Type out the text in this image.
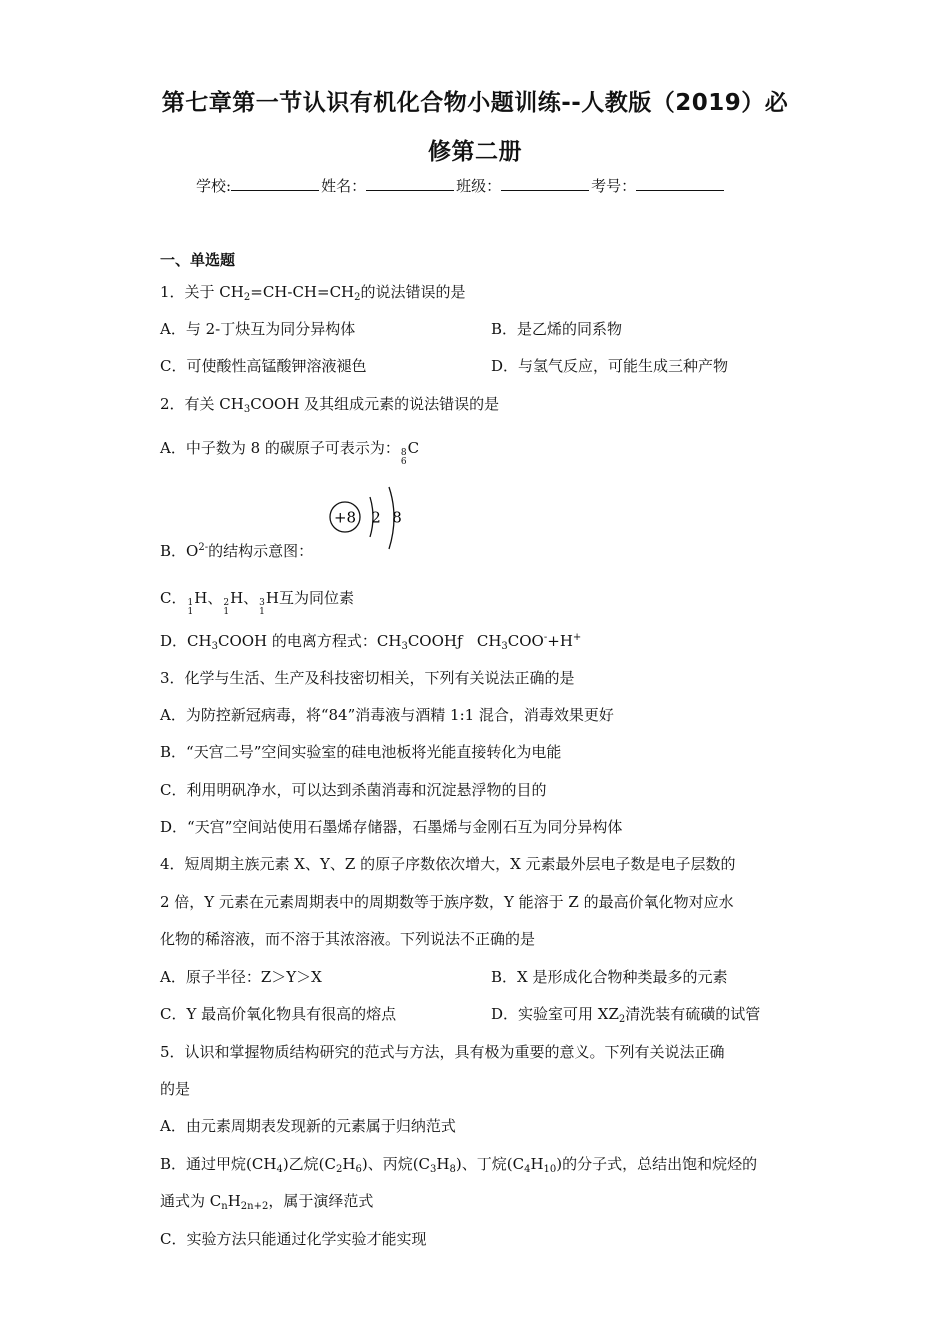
第七章第一节认识有机化合物小题训练--人教版（2019）必
修第二册
学校:	姓名：	班级：	考号：
一、单选题
1．关于 $CH_2=CH-CH=CH_2$的说法错误的是
A．与 2-丁炔互为同分异构体	B．是乙烯的同系物
C．可使酸性高锰酸钾溶液褪色	D．与氢气反应，可能生成三种产物
2．有关 $CH_3COOH$ 及其组成元素的说法错误的是
A．中子数为 8 的碳原子可表示为： 8
6
C
+8 2 8
B．$O^{2-}$的结构示意图：
C． 1
1
H、 2
1
H、 3
1
H互为同位素
D．$CH_3COOH$ 的电离方程式：$CH_3COOHƒ$   $CH_3COO^-+H^+$
3．化学与生活、生产及科技密切相关，下列有关说法正确的是
A．为防控新冠病毒，将“84”消毒液与酒精 1:1 混合，消毒效果更好
B．“天宫二号”空间实验室的硅电池板将光能直接转化为电能
C．利用明矾净水，可以达到杀菌消毒和沉淀悬浮物的目的
D．“天宫”空间站使用石墨烯存储器，石墨烯与金刚石互为同分异构体
4．短周期主族元素 X、Y、Z 的原子序数依次增大，X 元素最外层电子数是电子层数的
2 倍，Y 元素在元素周期表中的周期数等于族序数，Y 能溶于 Z 的最高价氧化物对应水
化物的稀溶液，而不溶于其浓溶液。下列说法不正确的是
A．原子半径：Z＞Y＞X	B．X 是形成化合物种类最多的元素
C．Y 最高价氧化物具有很高的熔点	D．实验室可用 $XZ_2$清洗装有硫磺的试管
5．认识和掌握物质结构研究的范式与方法，具有极为重要的意义。下列有关说法正确
的是
A．由元素周期表发现新的元素属于归纳范式
B．通过甲烷$(CH_4)$乙烷$(C_2H_6)$、丙烷$(C_3H_8)$、丁烷$(C_4H_{10})$的分子式，总结出饱和烷烃的
通式为 $C_nH_{2n+2}$，属于演绎范式
C．实验方法只能通过化学实验才能实现
